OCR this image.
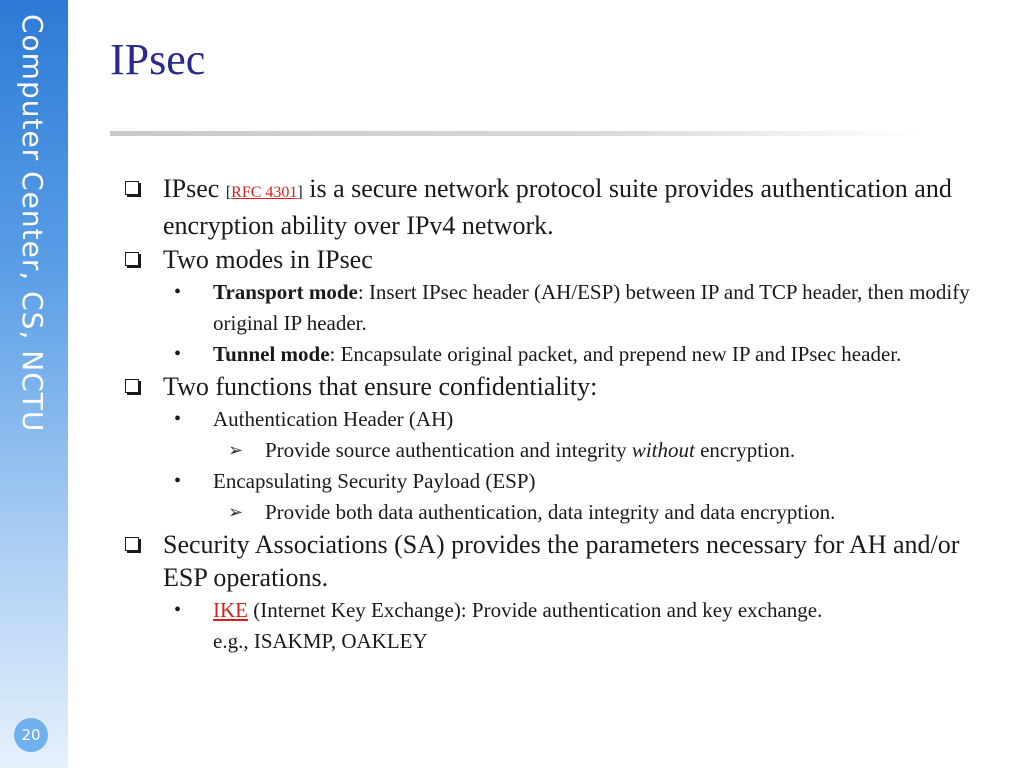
Computer Center, CS, NCTU
20
IPsec
IPsec [RFC 4301] is a secure network protocol suite provides authentication and encryption ability over IPv4 network.
Two modes in IPsec
• Transport mode: Insert IPsec header (AH/ESP) between IP and TCP header, then modify original IP header.
• Tunnel mode: Encapsulate original packet, and prepend new IP and IPsec header.
Two functions that ensure confidentiality:
• Authentication Header (AH)
➢ Provide source authentication and integrity without encryption.
• Encapsulating Security Payload (ESP)
➢ Provide both data authentication, data integrity and data encryption.
Security Associations (SA) provides the parameters necessary for AH and/or ESP operations.
• IKE (Internet Key Exchange): Provide authentication and key exchange.
e.g., ISAKMP, OAKLEY
